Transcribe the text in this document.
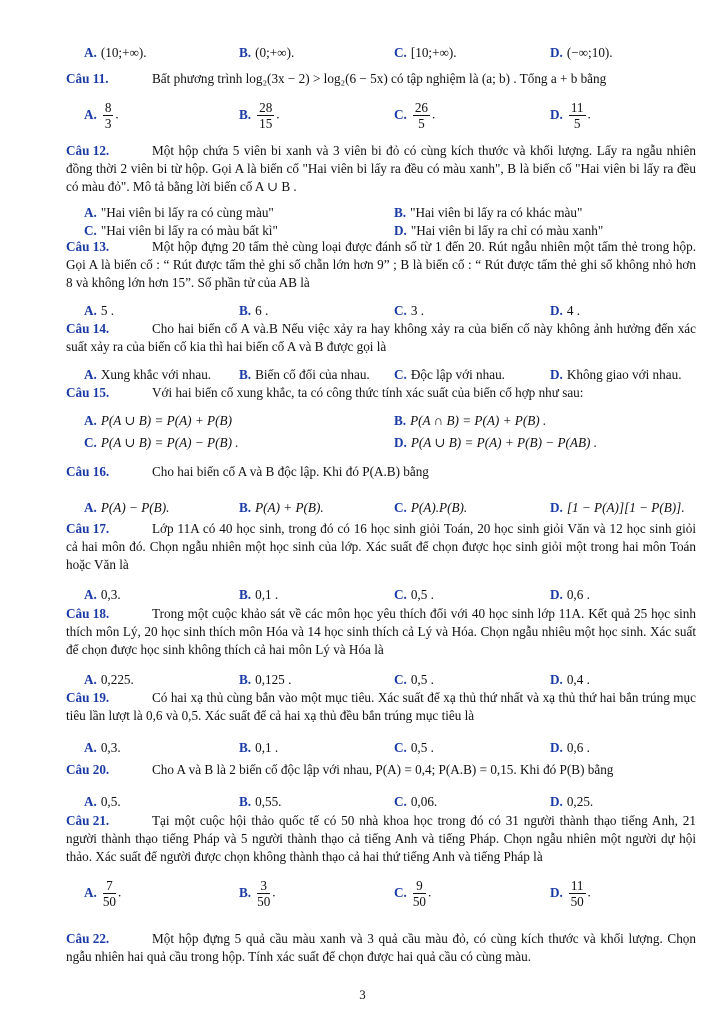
A. (10;+∞).	B. (0;+∞).	C. [10;+∞).	D. (−∞;10).

Câu 11.	Bất phương trình log₂(3x − 2) > log₂(6 − 5x) có tập nghiệm là (a; b) . Tổng a + b bằng

A. $\frac{8}{3}$ .	B. $\frac{28}{15}$ .	C. $\frac{26}{5}$ .	D. $\frac{11}{5}$ .

Câu 12.	Một hộp chứa 5 viên bi xanh và 3 viên bi đỏ có cùng kích thước và khối lượng. Lấy ra ngẫu nhiên đồng thời 2 viên bi từ hộp. Gọi A là biến cố "Hai viên bi lấy ra đều có màu xanh", B là biến cố "Hai viên bi lấy ra đều có màu đỏ". Mô tả bằng lời biến cố A ∪ B .

A. "Hai viên bi lấy ra có cùng màu"	B. "Hai viên bi lấy ra có khác màu"
C. "Hai viên bi lấy ra có màu bất kì"	D. "Hai viên bi lấy ra chỉ có màu xanh"

Câu 13.	Một hộp đựng 20 tấm thẻ cùng loại được đánh số từ 1 đến 20. Rút ngẫu nhiên một tấm thẻ trong hộp. Gọi A là biến cố : “ Rút được tấm thẻ ghi số chẵn lớn hơn 9” ; B là biến cố : “ Rút được tấm thẻ ghi số không nhỏ hơn 8 và không lớn hơn 15”. Số phần tử của AB là

A. 5 .	B. 6 .	C. 3 .	D. 4 .

Câu 14.	Cho hai biến cố A và.B Nếu việc xảy ra hay không xảy ra của biến cố này không ảnh hưởng đến xác suất xảy ra của biến cố kia thì hai biến cố A và B được gọi là

A. Xung khắc với nhau. B. Biến cố đối của nhau. C. Độc lập với nhau.	D. Không giao với nhau.

Câu 15.	Với hai biến cố xung khắc, ta có công thức tính xác suất của biến cố hợp như sau:

A. P(A ∪ B) = P(A) + P(B)	B. P(A ∩ B) = P(A) + P(B) .
C. P(A ∪ B) = P(A) − P(B) .	D. P(A ∪ B) = P(A) + P(B) − P(AB) .

Câu 16.	Cho hai biến cố A và B độc lập. Khi đó P(A.B) bằng

A. P(A) − P(B).	B. P(A) + P(B).	C. P(A).P(B).	D. [1 − P(A)][1 − P(B)].

Câu 17.	Lớp 11A có 40 học sinh, trong đó có 16 học sinh giỏi Toán, 20 học sinh giỏi Văn và 12 học sinh giỏi cả hai môn đó. Chọn ngẫu nhiên một học sinh của lớp. Xác suất để chọn được học sinh giỏi một trong hai môn Toán hoặc Văn là

A. 0,3.	B. 0,1 .	C. 0,5 .	D. 0,6 .

Câu 18.	Trong một cuộc khảo sát về các môn học yêu thích đối với 40 học sinh lớp 11A. Kết quả 25 học sinh thích môn Lý, 20 học sinh thích môn Hóa và 14 học sinh thích cả Lý và Hóa. Chọn ngẫu nhiêu một học sinh. Xác suất để chọn được học sinh không thích cả hai môn Lý và Hóa là

A. 0,225.	B. 0,125 .	C. 0,5 .	D. 0,4 .

Câu 19.	Có hai xạ thủ cùng bắn vào một mục tiêu. Xác suất để xạ thủ thứ nhất và xạ thủ thứ hai bắn trúng mục tiêu lần lượt là 0,6 và 0,5. Xác suất để cả hai xạ thủ đều bắn trúng mục tiêu là

A. 0,3.	B. 0,1 .	C. 0,5 .	D. 0,6 .

Câu 20.	Cho A và B là 2 biến cố độc lập với nhau, P(A) = 0,4; P(A.B) = 0,15. Khi đó P(B) bằng

A. 0,5.	B. 0,55.	C. 0,06.	D. 0,25.

Câu 21.	Tại một cuộc hội thảo quốc tế có 50 nhà khoa học trong đó có 31 người thành thạo tiếng Anh, 21 người thành thạo tiếng Pháp và 5 người thành thạo cả tiếng Anh và tiếng Pháp. Chọn ngẫu nhiên một người dự hội thảo. Xác suất để người được chọn không thành thạo cả hai thứ tiếng Anh và tiếng Pháp là

A. $\frac{7}{50}$ .	B. $\frac{3}{50}$ .	C. $\frac{9}{50}$ .	D. $\frac{11}{50}$ .

Câu 22.	Một hộp đựng 5 quả cầu màu xanh và 3 quả cầu màu đỏ, có cùng kích thước và khối lượng. Chọn ngẫu nhiên hai quả cầu trong hộp. Tính xác suất để chọn được hai quả cầu có cùng màu.

3
